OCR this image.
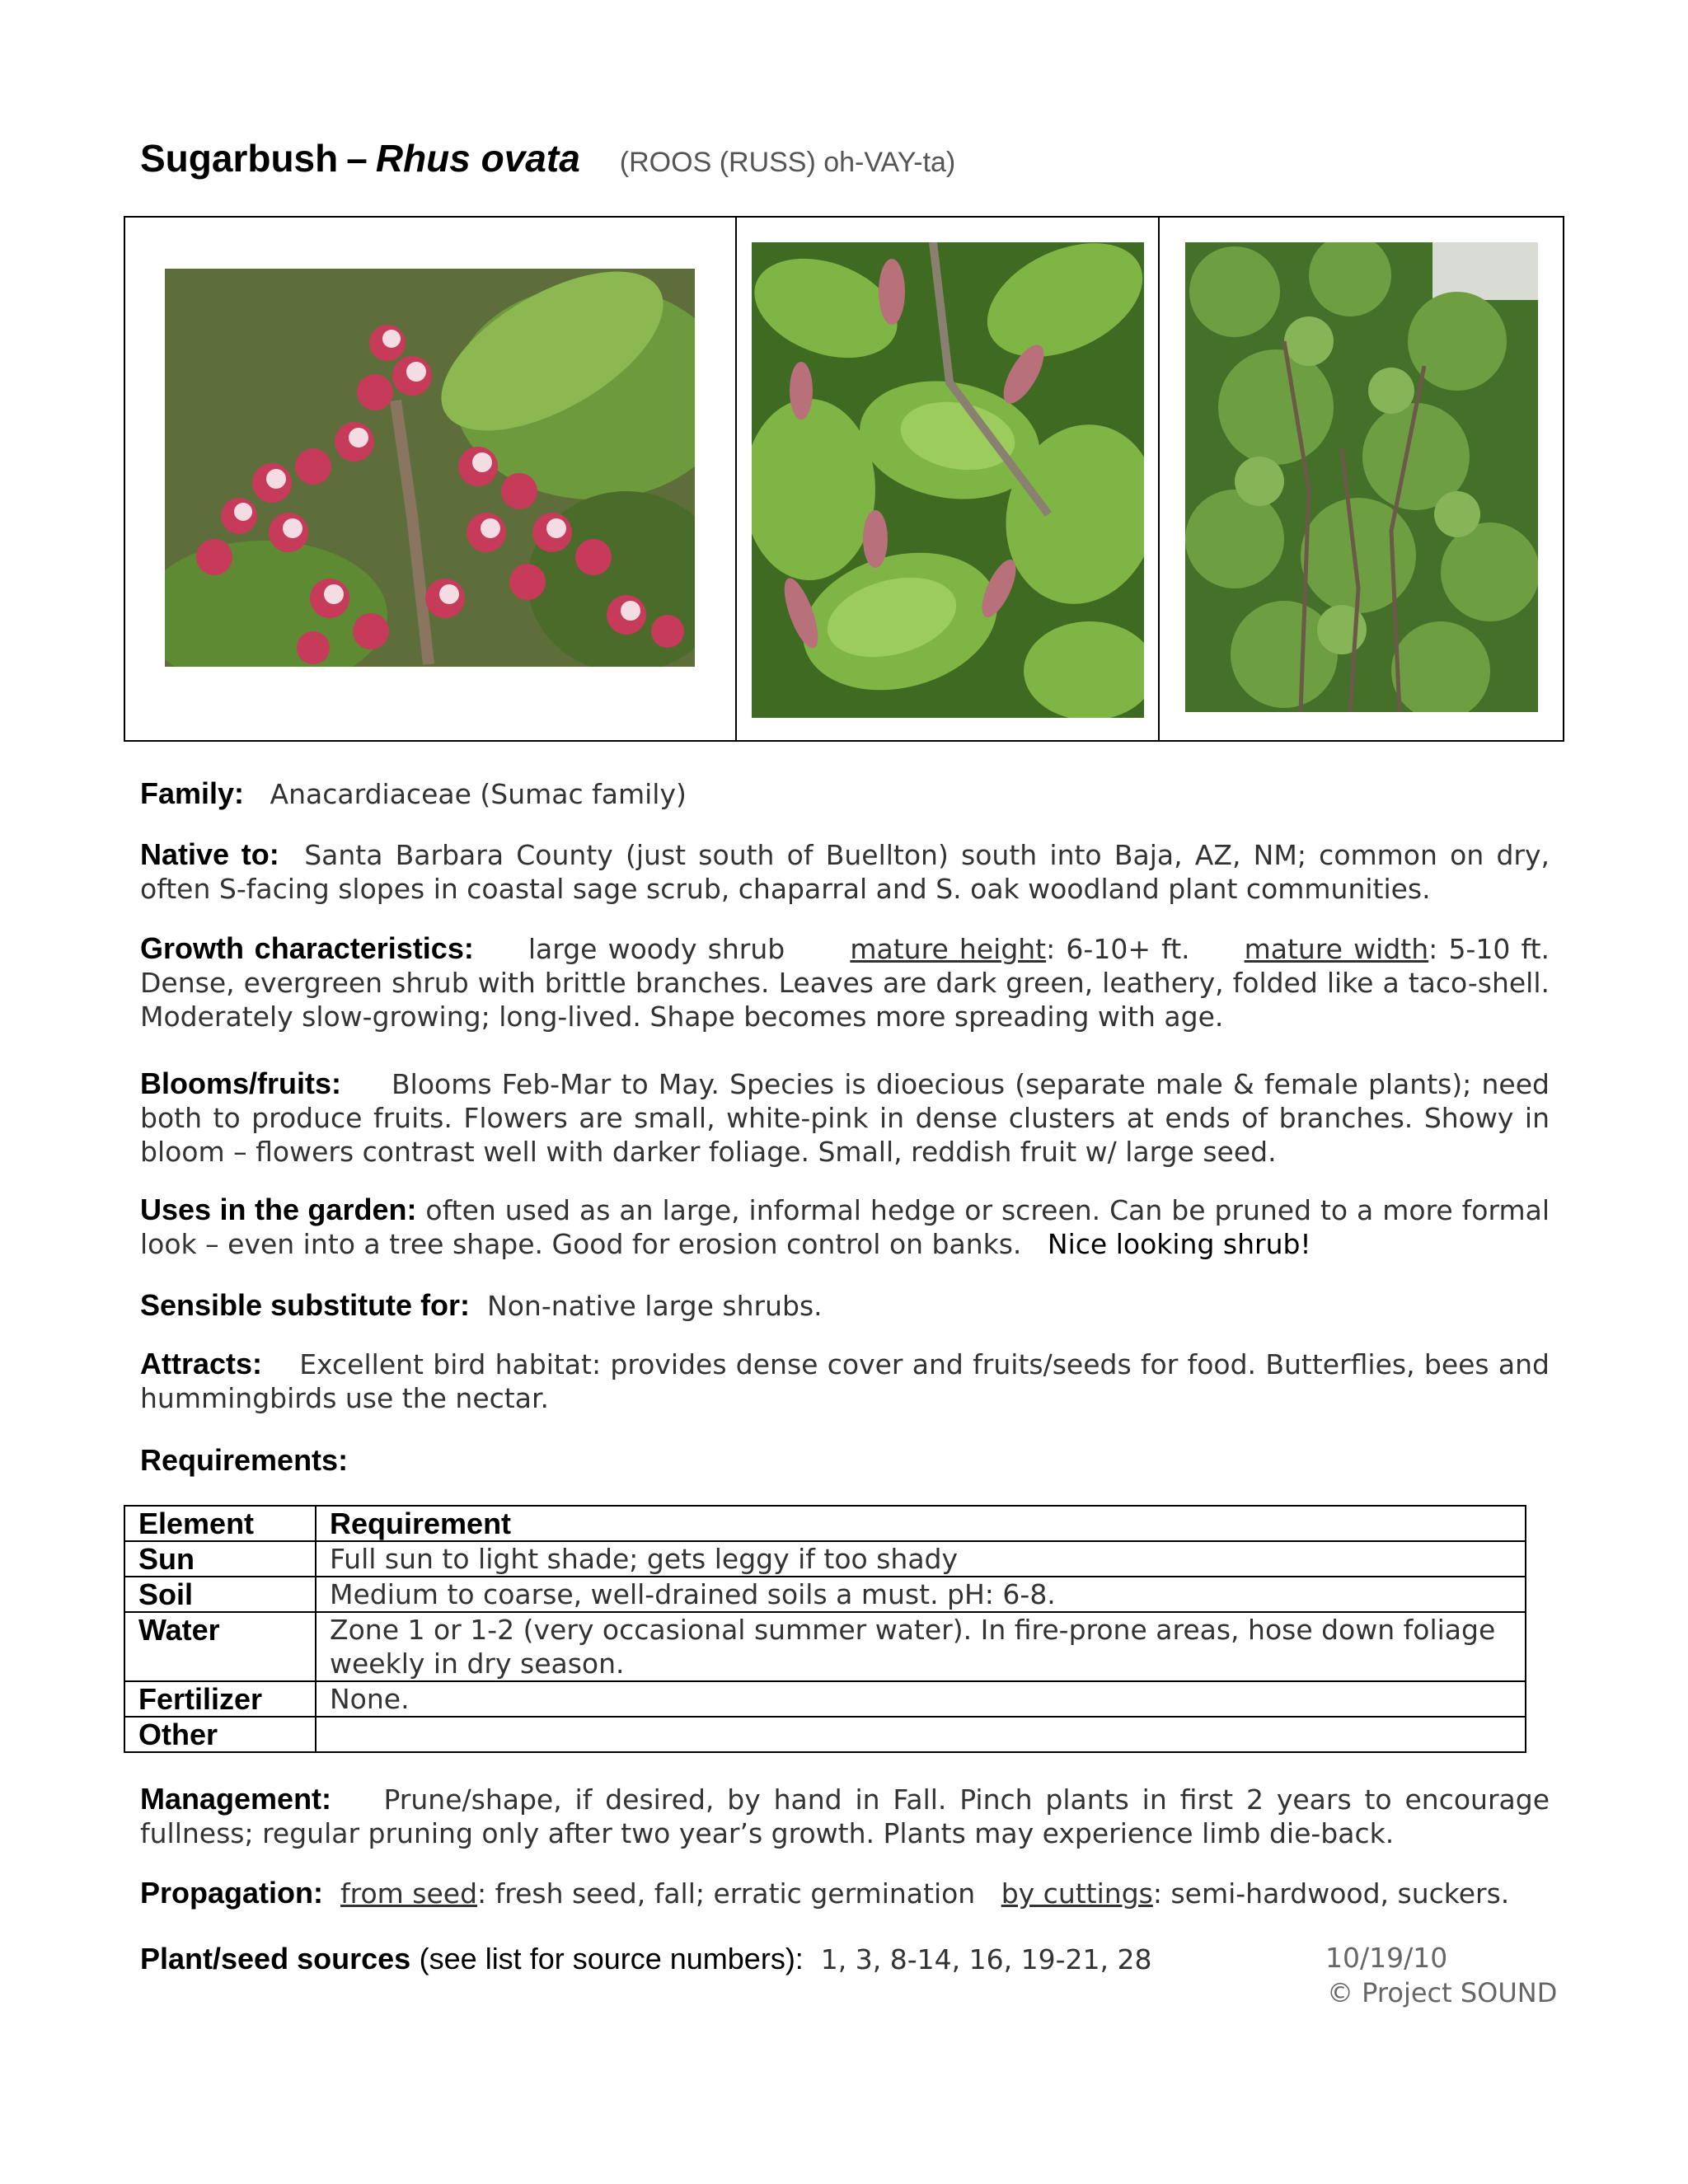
Sugarbush – Rhus ovata (ROOS (RUSS) oh-VAY-ta)
Family: Anacardiaceae (Sumac family)
Native to: Santa Barbara County (just south of Buellton) south into Baja, AZ, NM; common on dry, often S-facing slopes in coastal sage scrub, chaparral and S. oak woodland plant communities.
Growth characteristics: large woody shrub mature height: 6-10+ ft. mature width: 5-10 ft. Dense, evergreen shrub with brittle branches. Leaves are dark green, leathery, folded like a taco-shell. Moderately slow-growing; long-lived. Shape becomes more spreading with age.
Blooms/fruits: Blooms Feb-Mar to May. Species is dioecious (separate male & female plants); need both to produce fruits. Flowers are small, white-pink in dense clusters at ends of branches. Showy in bloom – flowers contrast well with darker foliage. Small, reddish fruit w/ large seed.
Uses in the garden: often used as an large, informal hedge or screen. Can be pruned to a more formal look – even into a tree shape. Good for erosion control on banks. Nice looking shrub!
Sensible substitute for: Non-native large shrubs.
Attracts: Excellent bird habitat: provides dense cover and fruits/seeds for food. Butterflies, bees and hummingbirds use the nectar.
Requirements:
Element	Requirement
Sun	Full sun to light shade; gets leggy if too shady
Soil	Medium to coarse, well-drained soils a must. pH: 6-8.
Water	Zone 1 or 1-2 (very occasional summer water). In fire-prone areas, hose down foliage weekly in dry season.
Fertilizer	None.
Other	
Management: Prune/shape, if desired, by hand in Fall. Pinch plants in first 2 years to encourage fullness; regular pruning only after two year’s growth. Plants may experience limb die-back.
Propagation: from seed: fresh seed, fall; erratic germination by cuttings: semi-hardwood, suckers.
Plant/seed sources (see list for source numbers): 1, 3, 8-14, 16, 19-21, 28	10/19/10
© Project SOUND
